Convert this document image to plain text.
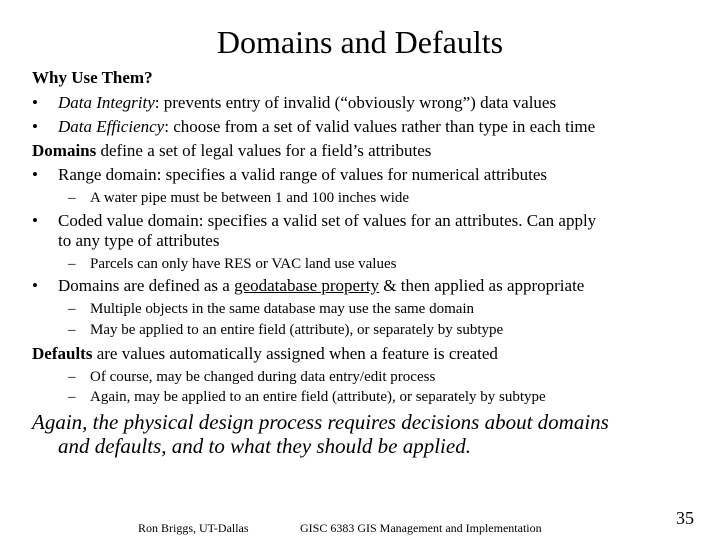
Domains and Defaults
Why Use Them?
• Data Integrity: prevents entry of invalid (“obviously wrong”) data values
• Data Efficiency: choose from a set of valid values rather than type in each time
Domains define a set of legal values for a field’s attributes
• Range domain: specifies a valid range of values for numerical attributes
– A water pipe must be between 1 and 100 inches wide
• Coded value domain: specifies a valid set of values for an attributes. Can apply
to any type of attributes
– Parcels can only have RES or VAC land use values
• Domains are defined as a geodatabase property & then applied as appropriate
– Multiple objects in the same database may use the same domain
– May be applied to an entire field (attribute), or separately by subtype
Defaults are values automatically assigned when a feature is created
– Of course, may be changed during data entry/edit process
– Again, may be applied to an entire field (attribute), or separately by subtype
Again, the physical design process requires decisions about domains
and defaults, and to what they should be applied.
Ron Briggs, UT-Dallas	GISC 6383 GIS Management and Implementation	35
